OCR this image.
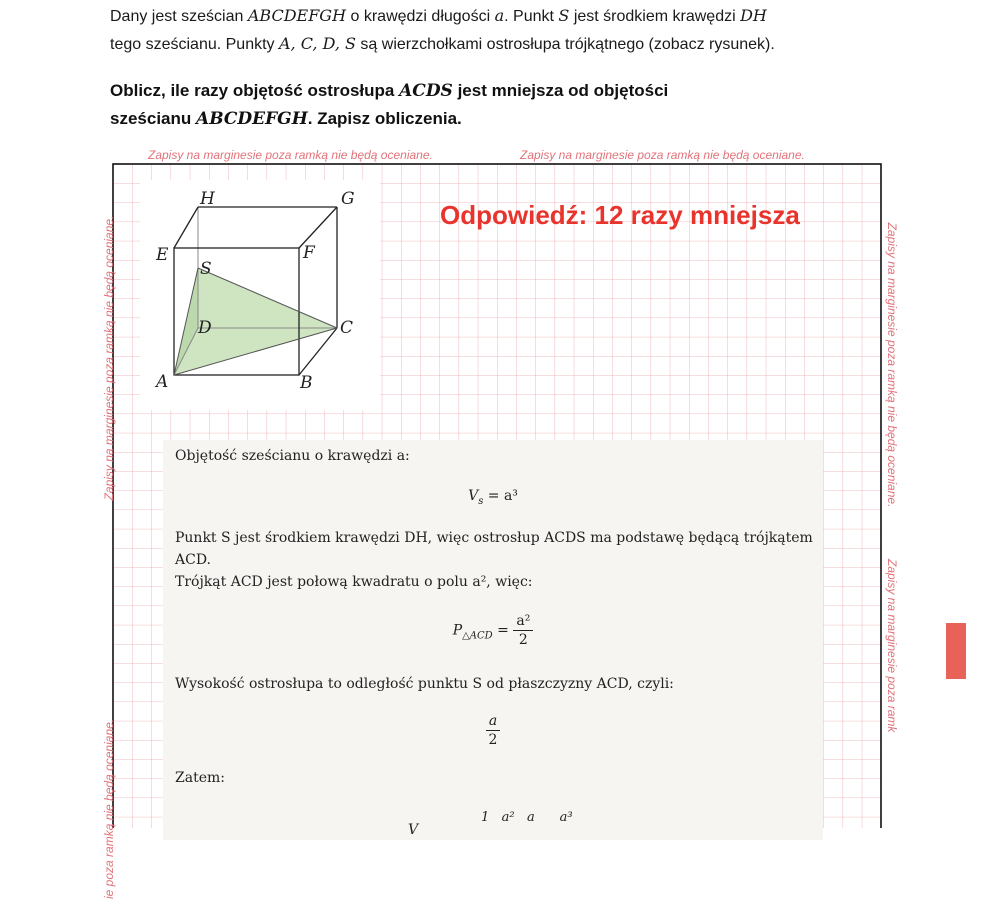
Dany jest sześcian ABCDEFGH o krawędzi długości a. Punkt S jest środkiem krawędzi DH
tego sześcianu. Punkty A, C, D, S są wierzchołkami ostrosłupa trójkątnego (zobacz rysunek).
Oblicz, ile razy objętość ostrosłupa ACDS jest mniejsza od objętości
sześcianu ABCDEFGH. Zapisz obliczenia.
Zapisy na marginesie poza ramką nie będą oceniane.	Zapisy na marginesie poza ramką nie będą oceniane.
Zapisy na marginesie poza ramką nie będą oceniane.
ie poza ramką nie będą oceniane.
Zapisy na marginesie poza ramką nie będą oceniane.
Zapisy na marginesie poza ramk
H	G
E	F
S
D	C
A	B
Odpowiedź: 12 razy mniejsza

Objętość sześcianu o krawędzi a:

$V_s = a^3$

Punkt S jest środkiem krawędzi DH, więc ostrosłup ACDS ma podstawę będącą trójkątem

ACD.

Trójkąt ACD jest połową kwadratu o polu a², więc:

$P_{\triangle ACD} = \frac{\text{a²}}{2}$

Wysokość ostrosłupa to odległość punktu S od płaszczyzny ACD, czyli:

$\frac{a}{2}$

Zatem:

1   a²   a      a³
V
